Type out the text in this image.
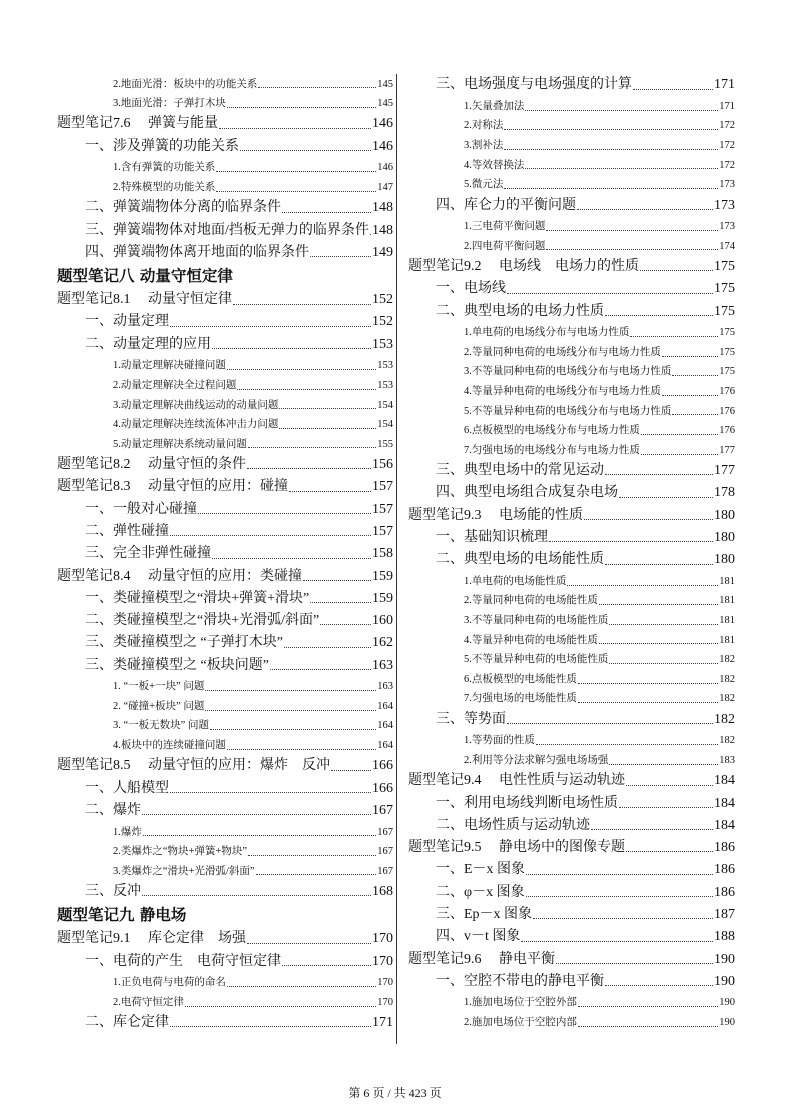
2.地面光滑：板块中的功能关系	145
3.地面光滑：子弹打木块	145
题型笔记7.6　 弹簧与能量	146
一、涉及弹簧的功能关系	146
1.含有弹簧的功能关系	146
2.特殊模型的功能关系	147
二、弹簧端物体分离的临界条件	148
三、弹簧端物体对地面/挡板无弹力的临界条件 148
四、弹簧端物体离开地面的临界条件	149
题型笔记八 动量守恒定律
题型笔记8.1　 动量守恒定律	152
一、动量定理	152
二、动量定理的应用	153
1.动量定理解决碰撞问题	153
2.动量定理解决全过程问题	153
3.动量定理解决曲线运动的动量问题	154
4.动量定理解决连续流体冲击力问题	154
5.动量定理解决系统动量问题	155
题型笔记8.2　 动量守恒的条件	156
题型笔记8.3　 动量守恒的应用：碰撞	157
一、一般对心碰撞	157
二、弹性碰撞	157
三、完全非弹性碰撞	158
题型笔记8.4　 动量守恒的应用：类碰撞	159
一、类碰撞模型之“滑块+弹簧+滑块”	159
二、类碰撞模型之“滑块+光滑弧/斜面”	160
三、类碰撞模型之 “子弹打木块”	162
三、类碰撞模型之 “板块问题”	163
1. “一板+一块” 问题	163
2. “碰撞+板块” 问题	164
3. “一板无数块” 问题	164
4.板块中的连续碰撞问题	164
题型笔记8.5　 动量守恒的应用：爆炸　反冲	166
一、人船模型	166
二、爆炸	167
1.爆炸	167
2.类爆炸之“物块+弹簧+物块”	167
3.类爆炸之“滑块+光滑弧/斜面”	167
三、反冲	168
题型笔记九 静电场
题型笔记9.1　 库仑定律　场强	170
一、电荷的产生　电荷守恒定律	170
1.正负电荷与电荷的命名	170
2.电荷守恒定律	170
二、库仑定律	171
三、电场强度与电场强度的计算	171
1.矢量叠加法	171
2.对称法	172
3.割补法	172
4.等效替换法	172
5.微元法	173
四、库仑力的平衡问题	173
1.三电荷平衡问题	173
2.四电荷平衡问题	174
题型笔记9.2　 电场线　电场力的性质	175
一、电场线	175
二、典型电场的电场力性质	175
1.单电荷的电场线分布与电场力性质	175
2.等量同种电荷的电场线分布与电场力性质	175
3.不等量同种电荷的电场线分布与电场力性质	175
4.等量异种电荷的电场线分布与电场力性质	176
5.不等量异种电荷的电场线分布与电场力性质	176
6.点板模型的电场线分布与电场力性质	176
7.匀强电场的电场线分布与电场力性质	177
三、典型电场中的常见运动	177
四、典型电场组合成复杂电场	178
题型笔记9.3　 电场能的性质	180
一、基础知识梳理	180
二、典型电场的电场能性质	180
1.单电荷的电场能性质	181
2.等量同种电荷的电场能性质	181
3.不等量同种电荷的电场能性质	181
4.等量异种电荷的电场能性质	181
5.不等量异种电荷的电场能性质	182
6.点板模型的电场能性质	182
7.匀强电场的电场能性质	182
三、等势面	182
1.等势面的性质	182
2.利用等分法求解匀强电场场强	183
题型笔记9.4　 电性性质与运动轨迹	184
一、利用电场线判断电场性质	184
二、电场性质与运动轨迹	184
题型笔记9.5　 静电场中的图像专题	186
一、E－x 图象	186
二、φ－x 图象	186
三、Ep－x 图象	187
四、v－t 图象	188
题型笔记9.6　 静电平衡	190
一、空腔不带电的静电平衡	190
1.施加电场位于空腔外部	190
2.施加电场位于空腔内部	190
第 6 页 / 共 423 页
